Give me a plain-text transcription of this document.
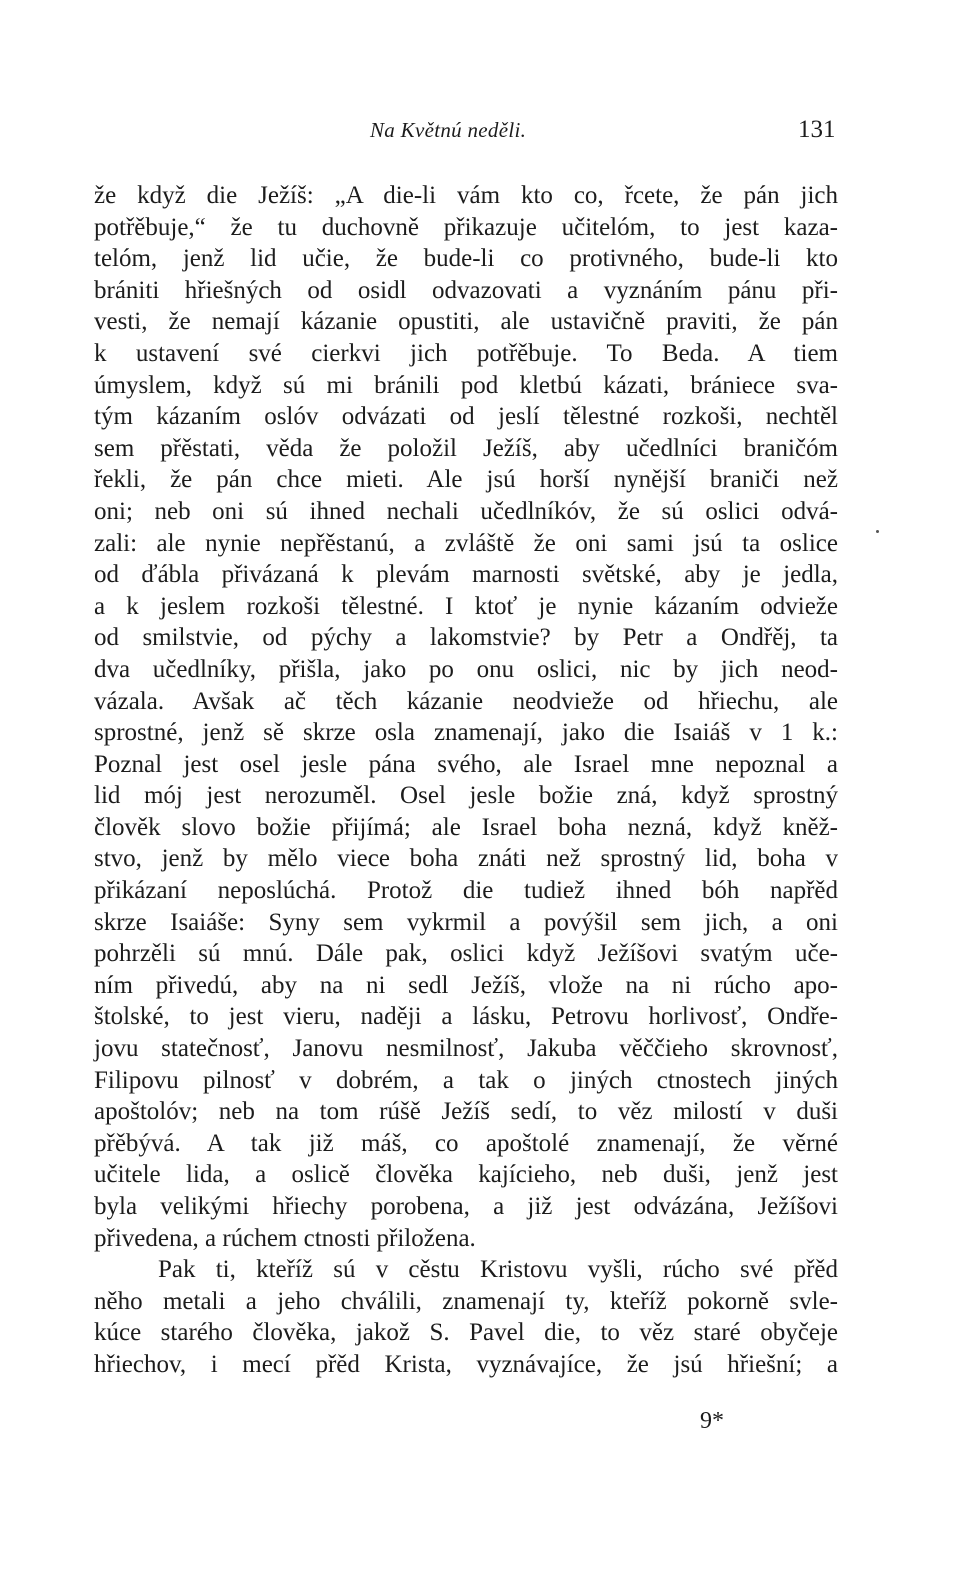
Na Květnú neděli.	131
že když die Ježíš: „A die-li vám kto co, řcete, že pán jich
potřěbuje,“ že tu duchovně přikazuje učitelóm, to jest kaza-
telóm, jenž lid učie, že bude-li co protivného, bude-li kto
brániti hřiešných od osidl odvazovati a vyznáním pánu při-
vesti, že nemají kázanie opustiti, ale ustavičně praviti, že pán
k ustavení své cierkvi jich potřěbuje. To Beda. A tiem
úmyslem, když sú mi bránili pod kletbú kázati, brániece sva-
tým kázaním oslóv odvázati od jeslí tělestné rozkoši, nechtěl
sem přěstati, věda že položil Ježíš, aby učedlníci braničóm
řekli, že pán chce mieti. Ale jsú horší nynější braniči než
oni; neb oni sú ihned nechali učedlníkóv, že sú oslici odvá-
zali: ale nynie nepřěstanú, a zvláště že oni sami jsú ta oslice
od ďábla přivázaná k plevám marnosti světské, aby je jedla,
a k jeslem rozkoši tělestné. I ktoť je nynie kázaním odvieže
od smilstvie, od pýchy a lakomstvie? by Petr a Ondřěj, ta
dva učedlníky, přišla, jako po onu oslici, nic by jich neod-
vázala. Avšak ač těch kázanie neodvieže od hřiechu, ale
sprostné, jenž sě skrze osla znamenají, jako die Isaiáš v 1 k.:
Poznal jest osel jesle pána svého, ale Israel mne nepoznal a
lid mój jest nerozuměl. Osel jesle božie zná, když sprostný
člověk slovo božie přijímá; ale Israel boha nezná, když kněž-
stvo, jenž by mělo viece boha znáti než sprostný lid, boha v
přikázaní neposlúchá. Protož die tudiež ihned bóh napřěd
skrze Isaiáše: Syny sem vykrmil a povýšil sem jich, a oni
pohrzěli sú mnú. Dále pak, oslici když Ježíšovi svatým uče-
ním přivedú, aby na ni sedl Ježíš, vlože na ni rúcho apo-
štolské, to jest vieru, naději a lásku, Petrovu horlivosť, Ondře-
jovu statečnosť, Janovu nesmilnosť, Jakuba věččieho skrovnosť,
Filipovu pilnosť v dobrém, a tak o jiných ctnostech jiných
apoštolóv; neb na tom rúšě Ježíš sedí, to věz milostí v duši
přěbývá. A tak již máš, co apoštolé znamenají, že věrné
učitele lida, a oslicě člověka kajícieho, neb duši, jenž jest
byla velikými hřiechy porobena, a již jest odvázána, Ježíšovi
přivedena, a rúchem ctnosti přiložena.
Pak ti, kteříž sú v cěstu Kristovu vyšli, rúcho své přěd
něho metali a jeho chválili, znamenají ty, kteříž pokorně svle-
kúce starého člověka, jakož S. Pavel die, to věz staré obyčeje
hřiechov, i mecí přěd Krista, vyznávajíce, že jsú hřiešní; a
9*
